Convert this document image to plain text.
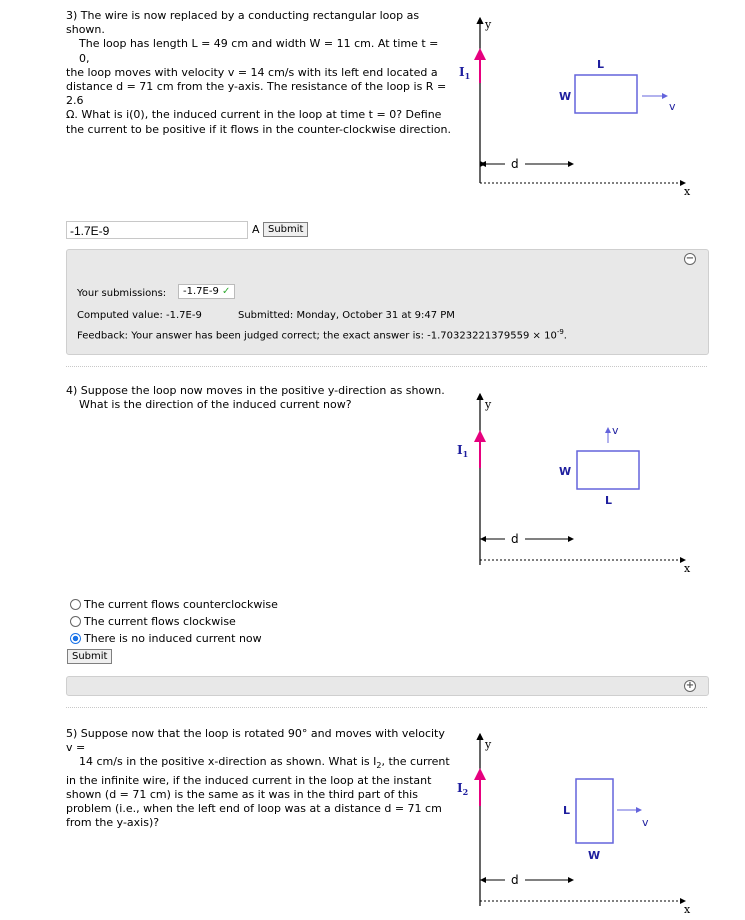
3) The wire is now replaced by a conducting rectangular loop as shown.

The loop has length L = 49 cm and width W = 11 cm. At time t = 0,

the loop moves with velocity v = 14 cm/s with its left end located a

distance d = 71 cm from the y-axis. The resistance of the loop is R = 2.6

Ω. What is i(0), the induced current in the loop at time t = 0? Define

the current to be positive if it flows in the counter-clockwise direction.

y
x
$I_1$
L
W
v
d
-1.7E-9	A Submit
−
Your submissions:	-1.7E-9 ✓
Computed value: -1.7E-9	Submitted: Monday, October 31 at 9:47 PM
Feedback: Your answer has been judged correct; the exact answer is: $-1.70323221379559 \times 10^{-9}$.

4) Suppose the loop now moves in the positive y-direction as shown.

What is the direction of the induced current now?	y
x
$I_1$
v
W
L
d
The current flows counterclockwise
The current flows clockwise
There is no induced current now
Submit
+

5) Suppose now that the loop is rotated 90° and moves with velocity v =

14 cm/s in the positive x-direction as shown. What is $I_2$, the current

in the infinite wire, if the induced current in the loop at the instant

shown (d = 71 cm) is the same as it was in the third part of this

problem (i.e., when the left end of loop was at a distance d = 71 cm

from the y-axis)?

y
x
$I_2$
L
W
v
d
